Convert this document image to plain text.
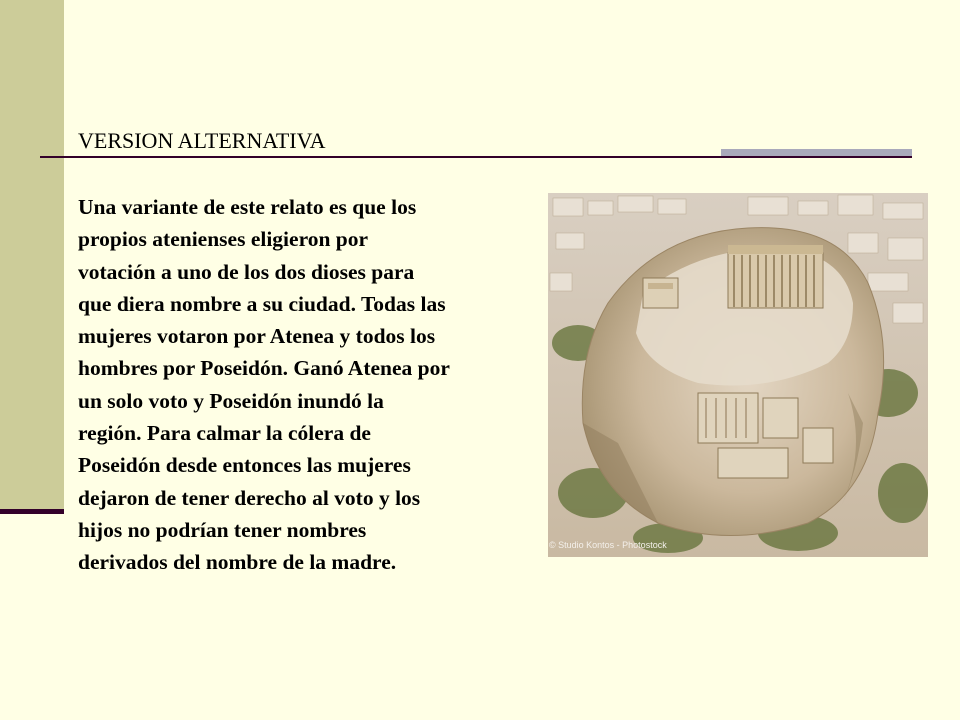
VERSION ALTERNATIVA

Una variante de este relato es que los
propios atenienses eligieron por
votación a uno de los dos dioses para
que diera nombre a su ciudad. Todas las
mujeres votaron por Atenea y todos los
hombres por Poseidón. Ganó Atenea por
un solo voto y Poseidón inundó la
región. Para calmar la cólera de
Poseidón desde entonces las mujeres
dejaron de tener derecho al voto y los
hijos no podrían tener nombres
derivados del nombre de la madre.

© Studio Kontos - Photostock
